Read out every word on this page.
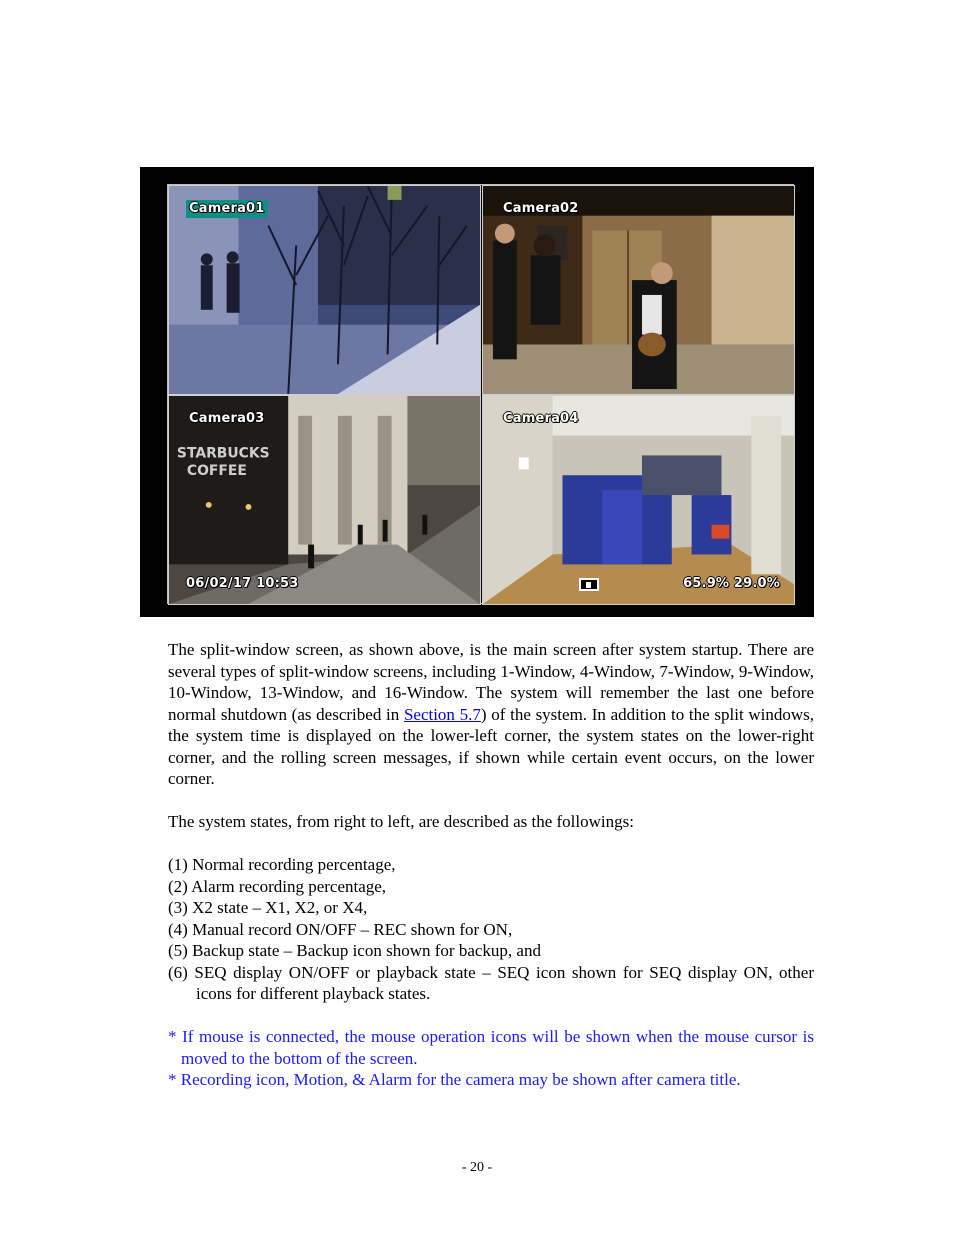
Camera01	Camera02
STARBUCKS
COFFEE
Camera03
06/02/17 10:53
Camera04
65.9% 29.0%
The split-window screen, as shown above, is the main screen after system startup. There are several types of split-window screens, including 1-Window, 4-Window, 7-Window, 9-Window, 10-Window, 13-Window, and 16-Window. The system will remember the last one before normal shutdown (as described in Section 5.7) of the system. In addition to the split windows, the system time is displayed on the lower-left corner, the system states on the lower-right corner, and the rolling screen messages, if shown while certain event occurs, on the lower corner.
The system states, from right to left, are described as the followings:

(1) Normal recording percentage,

(2) Alarm recording percentage,

(3) X2 state – X1, X2, or X4,

(4) Manual record ON/OFF – REC shown for ON,

(5) Backup state – Backup icon shown for backup, and

(6) SEQ display ON/OFF or playback state – SEQ icon shown for SEQ display ON, other icons for different playback states.

* If mouse is connected, the mouse operation icons will be shown when the mouse cursor is moved to the bottom of the screen.

* Recording icon, Motion, & Alarm for the camera may be shown after camera title.

- 20 -
